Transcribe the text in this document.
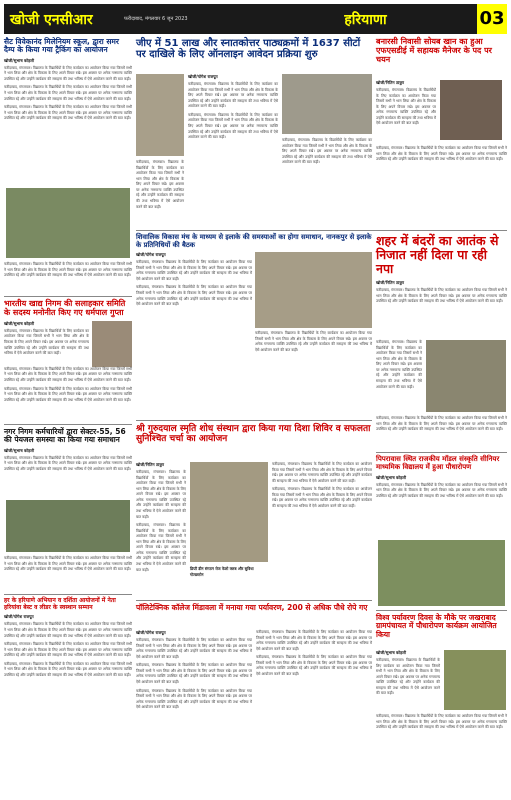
खोजी एनसीआर	फरीदाबाद, मंगलवार 6 जून 2023	हरियाणा	03
सैट विवेकानंद मिलेनियम स्कूल, द्वारा समर दैम्प के किया गया ट्रैकिंग का आयोजन
खोजी/सुभाष कोहली
फरीदाबाद, मंगलवार। विद्यालय के विद्यार्थियों के लिए कार्यक्रम का आयोजन किया गया जिसमें सभी ने भाग लिया और क्षेत्र के विकास के लिए अपने विचार रखे। इस अवसर पर अनेक गणमान्य व्यक्ति उपस्थित रहे और उन्होंने कार्यक्रम की सराहना की तथा भविष्य में ऐसे आयोजन करने की बात कही।
फरीदाबाद, मंगलवार। विद्यालय के विद्यार्थियों के लिए कार्यक्रम का आयोजन किया गया जिसमें सभी ने भाग लिया और क्षेत्र के विकास के लिए अपने विचार रखे। इस अवसर पर अनेक गणमान्य व्यक्ति उपस्थित रहे और उन्होंने कार्यक्रम की सराहना की तथा भविष्य में ऐसे आयोजन करने की बात कही।
फरीदाबाद, मंगलवार। विद्यालय के विद्यार्थियों के लिए कार्यक्रम का आयोजन किया गया जिसमें सभी ने भाग लिया और क्षेत्र के विकास के लिए अपने विचार रखे। इस अवसर पर अनेक गणमान्य व्यक्ति उपस्थित रहे और उन्होंने कार्यक्रम की सराहना की तथा भविष्य में ऐसे आयोजन करने की बात कही।
फरीदाबाद, मंगलवार। विद्यालय के विद्यार्थियों के लिए कार्यक्रम का आयोजन किया गया जिसमें सभी ने भाग लिया और क्षेत्र के विकास के लिए अपने विचार रखे। इस अवसर पर अनेक गणमान्य व्यक्ति उपस्थित रहे और उन्होंने कार्यक्रम की सराहना की तथा भविष्य में ऐसे आयोजन करने की बात कही।
भारतीय खाद्य निगम की सलाहकार समिति के सदस्य मनोनीत किए गए धर्मपाल गुप्ता
खोजी/सुभाष कोहली
फरीदाबाद, मंगलवार। विद्यालय के विद्यार्थियों के लिए कार्यक्रम का आयोजन किया गया जिसमें सभी ने भाग लिया और क्षेत्र के विकास के लिए अपने विचार रखे। इस अवसर पर अनेक गणमान्य व्यक्ति उपस्थित रहे और उन्होंने कार्यक्रम की सराहना की तथा भविष्य में ऐसे आयोजन करने की बात कही।
फरीदाबाद, मंगलवार। विद्यालय के विद्यार्थियों के लिए कार्यक्रम का आयोजन किया गया जिसमें सभी ने भाग लिया और क्षेत्र के विकास के लिए अपने विचार रखे। इस अवसर पर अनेक गणमान्य व्यक्ति उपस्थित रहे और उन्होंने कार्यक्रम की सराहना की तथा भविष्य में ऐसे आयोजन करने की बात कही।
फरीदाबाद, मंगलवार। विद्यालय के विद्यार्थियों के लिए कार्यक्रम का आयोजन किया गया जिसमें सभी ने भाग लिया और क्षेत्र के विकास के लिए अपने विचार रखे। इस अवसर पर अनेक गणमान्य व्यक्ति उपस्थित रहे और उन्होंने कार्यक्रम की सराहना की तथा भविष्य में ऐसे आयोजन करने की बात कही।
नगर निगम कर्मचारियों द्वारा सेक्टर-55, 56 की पेयजल समस्या का किया गया समाधान
खोजी/सुभाष कोहली
फरीदाबाद, मंगलवार। विद्यालय के विद्यार्थियों के लिए कार्यक्रम का आयोजन किया गया जिसमें सभी ने भाग लिया और क्षेत्र के विकास के लिए अपने विचार रखे। इस अवसर पर अनेक गणमान्य व्यक्ति उपस्थित रहे और उन्होंने कार्यक्रम की सराहना की तथा भविष्य में ऐसे आयोजन करने की बात कही।
फरीदाबाद, मंगलवार। विद्यालय के विद्यार्थियों के लिए कार्यक्रम का आयोजन किया गया जिसमें सभी ने भाग लिया और क्षेत्र के विकास के लिए अपने विचार रखे। इस अवसर पर अनेक गणमान्य व्यक्ति उपस्थित रहे और उन्होंने कार्यक्रम की सराहना की तथा भविष्य में ऐसे आयोजन करने की बात कही।
हर के हरियाणे अभियान व दर्शिता आयोजनों में नेता हरियांवा बेस्ट व लीडर के स्वस्थान सम्मान
खोजी/योगेश राजपूत
फरीदाबाद, मंगलवार। विद्यालय के विद्यार्थियों के लिए कार्यक्रम का आयोजन किया गया जिसमें सभी ने भाग लिया और क्षेत्र के विकास के लिए अपने विचार रखे। इस अवसर पर अनेक गणमान्य व्यक्ति उपस्थित रहे और उन्होंने कार्यक्रम की सराहना की तथा भविष्य में ऐसे आयोजन करने की बात कही।
फरीदाबाद, मंगलवार। विद्यालय के विद्यार्थियों के लिए कार्यक्रम का आयोजन किया गया जिसमें सभी ने भाग लिया और क्षेत्र के विकास के लिए अपने विचार रखे। इस अवसर पर अनेक गणमान्य व्यक्ति उपस्थित रहे और उन्होंने कार्यक्रम की सराहना की तथा भविष्य में ऐसे आयोजन करने की बात कही।
फरीदाबाद, मंगलवार। विद्यालय के विद्यार्थियों के लिए कार्यक्रम का आयोजन किया गया जिसमें सभी ने भाग लिया और क्षेत्र के विकास के लिए अपने विचार रखे। इस अवसर पर अनेक गणमान्य व्यक्ति उपस्थित रहे और उन्होंने कार्यक्रम की सराहना की तथा भविष्य में ऐसे आयोजन करने की बात कही।
जीए में 51 लाख और स्नातकोत्तर पाठ्यक्रमों में 1637 सीटों पर दाखिले के लिए ऑनलाइन आवेदन प्रक्रिया शुरु
फरीदाबाद, मंगलवार। विद्यालय के विद्यार्थियों के लिए कार्यक्रम का आयोजन किया गया जिसमें सभी ने भाग लिया और क्षेत्र के विकास के लिए अपने विचार रखे। इस अवसर पर अनेक गणमान्य व्यक्ति उपस्थित रहे और उन्होंने कार्यक्रम की सराहना की तथा भविष्य में ऐसे आयोजन करने की बात कही।
खोजी/योगेश राजपूत
फरीदाबाद, मंगलवार। विद्यालय के विद्यार्थियों के लिए कार्यक्रम का आयोजन किया गया जिसमें सभी ने भाग लिया और क्षेत्र के विकास के लिए अपने विचार रखे। इस अवसर पर अनेक गणमान्य व्यक्ति उपस्थित रहे और उन्होंने कार्यक्रम की सराहना की तथा भविष्य में ऐसे आयोजन करने की बात कही।
फरीदाबाद, मंगलवार। विद्यालय के विद्यार्थियों के लिए कार्यक्रम का आयोजन किया गया जिसमें सभी ने भाग लिया और क्षेत्र के विकास के लिए अपने विचार रखे। इस अवसर पर अनेक गणमान्य व्यक्ति उपस्थित रहे और उन्होंने कार्यक्रम की सराहना की तथा भविष्य में ऐसे आयोजन करने की बात कही।
फरीदाबाद, मंगलवार। विद्यालय के विद्यार्थियों के लिए कार्यक्रम का आयोजन किया गया जिसमें सभी ने भाग लिया और क्षेत्र के विकास के लिए अपने विचार रखे। इस अवसर पर अनेक गणमान्य व्यक्ति उपस्थित रहे और उन्होंने कार्यक्रम की सराहना की तथा भविष्य में ऐसे आयोजन करने की बात कही।
बनारसी निवासी सोयब खान का हुआ एफएसडीई में सहायक मैनेजर के पद पर चयन
खोजी/नितिन ठाकुर
फरीदाबाद, मंगलवार। विद्यालय के विद्यार्थियों के लिए कार्यक्रम का आयोजन किया गया जिसमें सभी ने भाग लिया और क्षेत्र के विकास के लिए अपने विचार रखे। इस अवसर पर अनेक गणमान्य व्यक्ति उपस्थित रहे और उन्होंने कार्यक्रम की सराहना की तथा भविष्य में ऐसे आयोजन करने की बात कही।
फरीदाबाद, मंगलवार। विद्यालय के विद्यार्थियों के लिए कार्यक्रम का आयोजन किया गया जिसमें सभी ने भाग लिया और क्षेत्र के विकास के लिए अपने विचार रखे। इस अवसर पर अनेक गणमान्य व्यक्ति उपस्थित रहे और उन्होंने कार्यक्रम की सराहना की तथा भविष्य में ऐसे आयोजन करने की बात कही।
शिवालिक विकास मंच के माध्यम से इलाके की समस्याओं का होगा समाधान, नानकपुर से इलाके के प्रतिनिधियों की बैठक
खोजी/योगेश राजपूत
फरीदाबाद, मंगलवार। विद्यालय के विद्यार्थियों के लिए कार्यक्रम का आयोजन किया गया जिसमें सभी ने भाग लिया और क्षेत्र के विकास के लिए अपने विचार रखे। इस अवसर पर अनेक गणमान्य व्यक्ति उपस्थित रहे और उन्होंने कार्यक्रम की सराहना की तथा भविष्य में ऐसे आयोजन करने की बात कही।
फरीदाबाद, मंगलवार। विद्यालय के विद्यार्थियों के लिए कार्यक्रम का आयोजन किया गया जिसमें सभी ने भाग लिया और क्षेत्र के विकास के लिए अपने विचार रखे। इस अवसर पर अनेक गणमान्य व्यक्ति उपस्थित रहे और उन्होंने कार्यक्रम की सराहना की तथा भविष्य में ऐसे आयोजन करने की बात कही।
फरीदाबाद, मंगलवार। विद्यालय के विद्यार्थियों के लिए कार्यक्रम का आयोजन किया गया जिसमें सभी ने भाग लिया और क्षेत्र के विकास के लिए अपने विचार रखे। इस अवसर पर अनेक गणमान्य व्यक्ति उपस्थित रहे और उन्होंने कार्यक्रम की सराहना की तथा भविष्य में ऐसे आयोजन करने की बात कही।
शहर में बंदरों का आतंक से निजात नहीं दिला पा रही नपा
खोजी/नितिन ठाकुर
फरीदाबाद, मंगलवार। विद्यालय के विद्यार्थियों के लिए कार्यक्रम का आयोजन किया गया जिसमें सभी ने भाग लिया और क्षेत्र के विकास के लिए अपने विचार रखे। इस अवसर पर अनेक गणमान्य व्यक्ति उपस्थित रहे और उन्होंने कार्यक्रम की सराहना की तथा भविष्य में ऐसे आयोजन करने की बात कही।
फरीदाबाद, मंगलवार। विद्यालय के विद्यार्थियों के लिए कार्यक्रम का आयोजन किया गया जिसमें सभी ने भाग लिया और क्षेत्र के विकास के लिए अपने विचार रखे। इस अवसर पर अनेक गणमान्य व्यक्ति उपस्थित रहे और उन्होंने कार्यक्रम की सराहना की तथा भविष्य में ऐसे आयोजन करने की बात कही।
फरीदाबाद, मंगलवार। विद्यालय के विद्यार्थियों के लिए कार्यक्रम का आयोजन किया गया जिसमें सभी ने भाग लिया और क्षेत्र के विकास के लिए अपने विचार रखे। इस अवसर पर अनेक गणमान्य व्यक्ति उपस्थित रहे और उन्होंने कार्यक्रम की सराहना की तथा भविष्य में ऐसे आयोजन करने की बात कही।
श्री गुरुदयाल स्मृति शोध संस्थान द्वारा किया गया दिशा शिविर व सफलता सुनिश्चित चर्चा का आयोजन
खोजी/नितिन ठाकुर
फरीदाबाद, मंगलवार। विद्यालय के विद्यार्थियों के लिए कार्यक्रम का आयोजन किया गया जिसमें सभी ने भाग लिया और क्षेत्र के विकास के लिए अपने विचार रखे। इस अवसर पर अनेक गणमान्य व्यक्ति उपस्थित रहे और उन्होंने कार्यक्रम की सराहना की तथा भविष्य में ऐसे आयोजन करने की बात कही।
फरीदाबाद, मंगलवार। विद्यालय के विद्यार्थियों के लिए कार्यक्रम का आयोजन किया गया जिसमें सभी ने भाग लिया और क्षेत्र के विकास के लिए अपने विचार रखे। इस अवसर पर अनेक गणमान्य व्यक्ति उपस्थित रहे और उन्होंने कार्यक्रम की सराहना की तथा भविष्य में ऐसे आयोजन करने की बात कही।	डिप्टी डीन संगठन रोज फेलो क्लब और सुविधा गोल्डस्टोन
फरीदाबाद, मंगलवार। विद्यालय के विद्यार्थियों के लिए कार्यक्रम का आयोजन किया गया जिसमें सभी ने भाग लिया और क्षेत्र के विकास के लिए अपने विचार रखे। इस अवसर पर अनेक गणमान्य व्यक्ति उपस्थित रहे और उन्होंने कार्यक्रम की सराहना की तथा भविष्य में ऐसे आयोजन करने की बात कही।
फरीदाबाद, मंगलवार। विद्यालय के विद्यार्थियों के लिए कार्यक्रम का आयोजन किया गया जिसमें सभी ने भाग लिया और क्षेत्र के विकास के लिए अपने विचार रखे। इस अवसर पर अनेक गणमान्य व्यक्ति उपस्थित रहे और उन्होंने कार्यक्रम की सराहना की तथा भविष्य में ऐसे आयोजन करने की बात कही।
पिपरावास स्थित राजकीय मॉडल संस्कृति सीनियर माध्यमिक विद्यालय में हुआ पौधारोपण
खोजी/सुभाष कोहली
फरीदाबाद, मंगलवार। विद्यालय के विद्यार्थियों के लिए कार्यक्रम का आयोजन किया गया जिसमें सभी ने भाग लिया और क्षेत्र के विकास के लिए अपने विचार रखे। इस अवसर पर अनेक गणमान्य व्यक्ति उपस्थित रहे और उन्होंने कार्यक्रम की सराहना की तथा भविष्य में ऐसे आयोजन करने की बात कही।
पॉलिटेक्निक कॉलेज मिंडावला में मनाया गया पर्यावरण, 200 से अधिक पौधे रोपे गए
खोजी/योगेश राजपूत
फरीदाबाद, मंगलवार। विद्यालय के विद्यार्थियों के लिए कार्यक्रम का आयोजन किया गया जिसमें सभी ने भाग लिया और क्षेत्र के विकास के लिए अपने विचार रखे। इस अवसर पर अनेक गणमान्य व्यक्ति उपस्थित रहे और उन्होंने कार्यक्रम की सराहना की तथा भविष्य में ऐसे आयोजन करने की बात कही।
फरीदाबाद, मंगलवार। विद्यालय के विद्यार्थियों के लिए कार्यक्रम का आयोजन किया गया जिसमें सभी ने भाग लिया और क्षेत्र के विकास के लिए अपने विचार रखे। इस अवसर पर अनेक गणमान्य व्यक्ति उपस्थित रहे और उन्होंने कार्यक्रम की सराहना की तथा भविष्य में ऐसे आयोजन करने की बात कही।
फरीदाबाद, मंगलवार। विद्यालय के विद्यार्थियों के लिए कार्यक्रम का आयोजन किया गया जिसमें सभी ने भाग लिया और क्षेत्र के विकास के लिए अपने विचार रखे। इस अवसर पर अनेक गणमान्य व्यक्ति उपस्थित रहे और उन्होंने कार्यक्रम की सराहना की तथा भविष्य में ऐसे आयोजन करने की बात कही।
फरीदाबाद, मंगलवार। विद्यालय के विद्यार्थियों के लिए कार्यक्रम का आयोजन किया गया जिसमें सभी ने भाग लिया और क्षेत्र के विकास के लिए अपने विचार रखे। इस अवसर पर अनेक गणमान्य व्यक्ति उपस्थित रहे और उन्होंने कार्यक्रम की सराहना की तथा भविष्य में ऐसे आयोजन करने की बात कही।
फरीदाबाद, मंगलवार। विद्यालय के विद्यार्थियों के लिए कार्यक्रम का आयोजन किया गया जिसमें सभी ने भाग लिया और क्षेत्र के विकास के लिए अपने विचार रखे। इस अवसर पर अनेक गणमान्य व्यक्ति उपस्थित रहे और उन्होंने कार्यक्रम की सराहना की तथा भविष्य में ऐसे आयोजन करने की बात कही।
विश्व पर्यावरण दिवस के मौके पर जखराबाद ग्रामपंचायत में पौधारोपण कार्यक्रम आयोजित किया
खोजी/सुभाष कोहली
फरीदाबाद, मंगलवार। विद्यालय के विद्यार्थियों के लिए कार्यक्रम का आयोजन किया गया जिसमें सभी ने भाग लिया और क्षेत्र के विकास के लिए अपने विचार रखे। इस अवसर पर अनेक गणमान्य व्यक्ति उपस्थित रहे और उन्होंने कार्यक्रम की सराहना की तथा भविष्य में ऐसे आयोजन करने की बात कही।
फरीदाबाद, मंगलवार। विद्यालय के विद्यार्थियों के लिए कार्यक्रम का आयोजन किया गया जिसमें सभी ने भाग लिया और क्षेत्र के विकास के लिए अपने विचार रखे। इस अवसर पर अनेक गणमान्य व्यक्ति उपस्थित रहे और उन्होंने कार्यक्रम की सराहना की तथा भविष्य में ऐसे आयोजन करने की बात कही।
